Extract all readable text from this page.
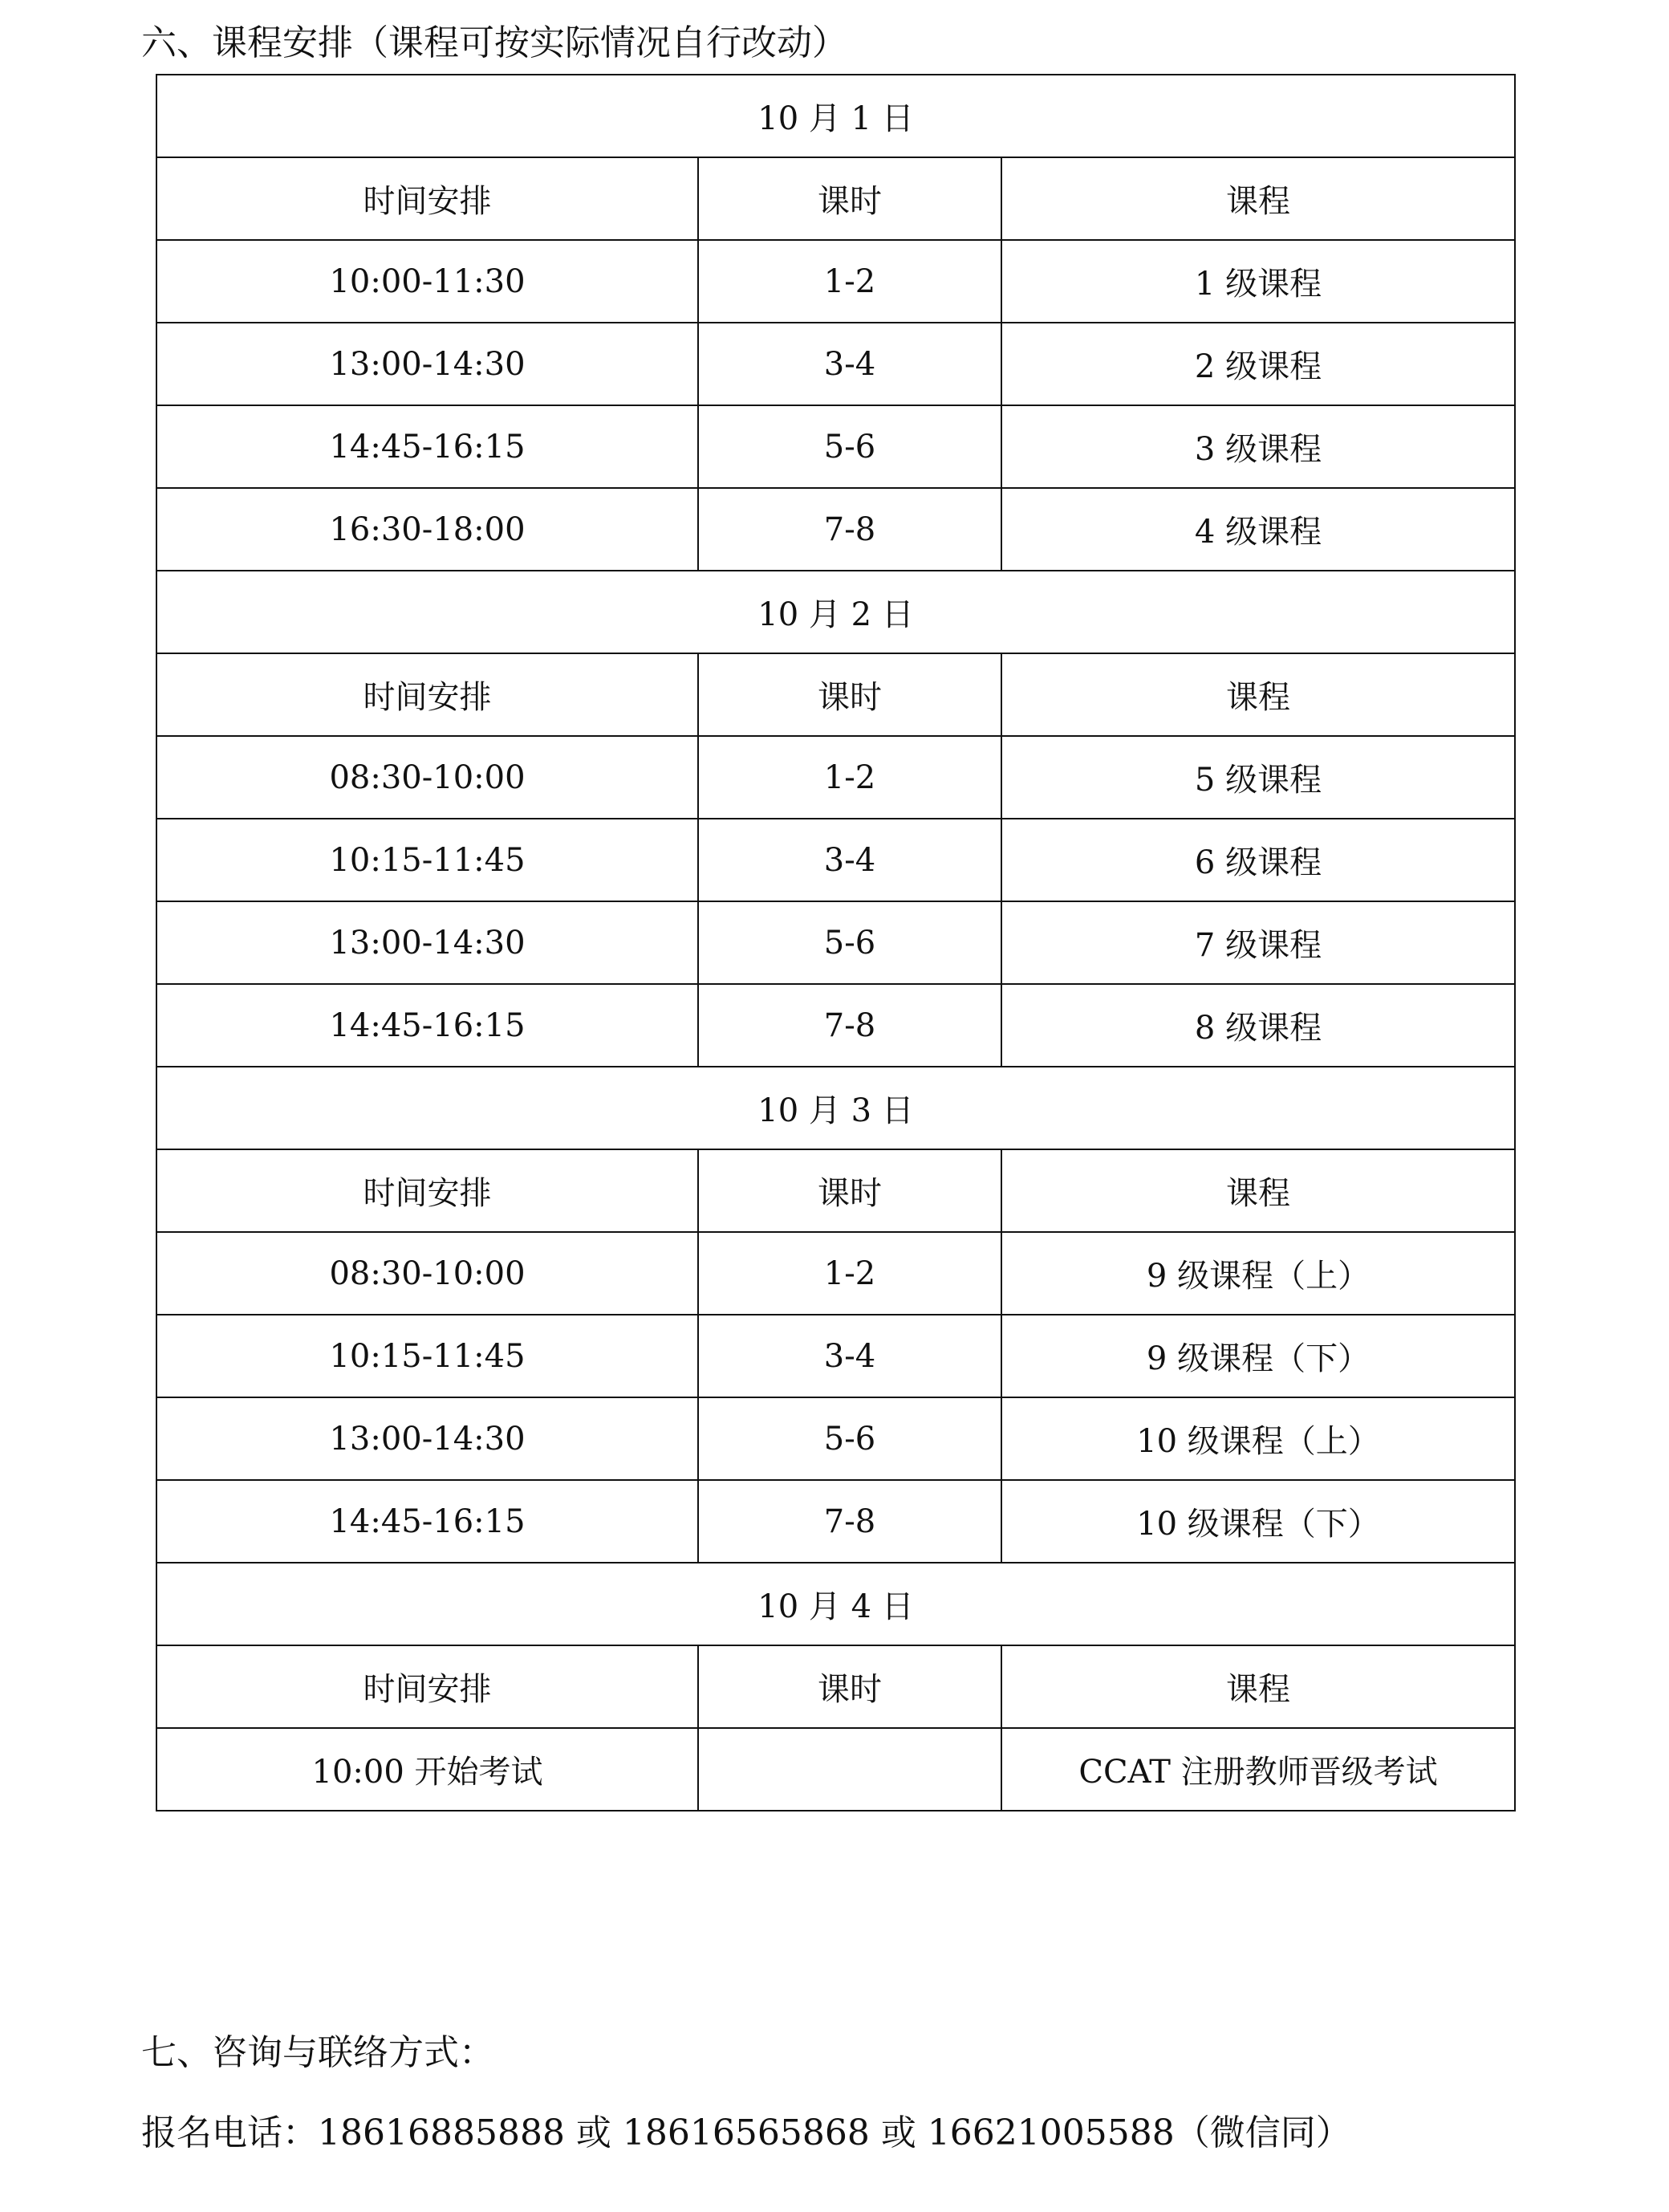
六、课程安排（课程可按实际情况自行改动）
10 月 1 日		
时间安排	课时	课程
10:00-11:30	1-2	1 级课程
13:00-14:30	3-4	2 级课程
14:45-16:15	5-6	3 级课程
16:30-18:00	7-8	4 级课程
10 月 2 日		
时间安排	课时	课程
08:30-10:00	1-2	5 级课程
10:15-11:45	3-4	6 级课程
13:00-14:30	5-6	7 级课程
14:45-16:15	7-8	8 级课程
10 月 3 日		
时间安排	课时	课程
08:30-10:00	1-2	9 级课程（上）
10:15-11:45	3-4	9 级课程（下）
13:00-14:30	5-6	10 级课程（上）
14:45-16:15	7-8	10 级课程（下）
10 月 4 日		
时间安排	课时	课程
10:00 开始考试		CCAT 注册教师晋级考试
七、咨询与联络方式：
报名电话：18616885888 或 18616565868 或 16621005588（微信同）
